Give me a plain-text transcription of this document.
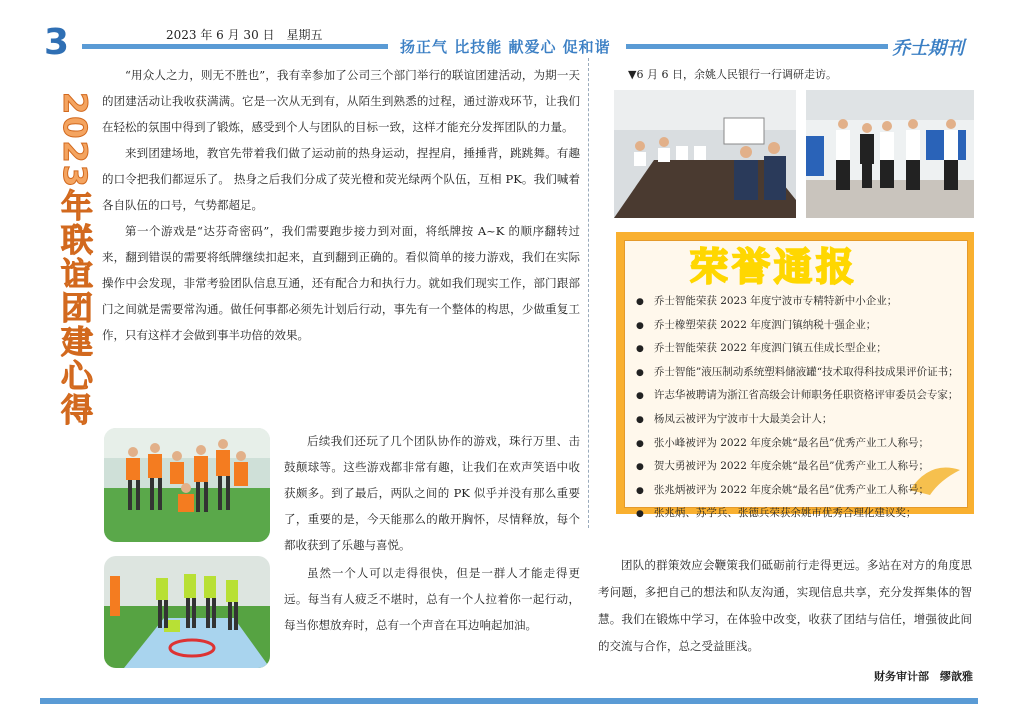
3	2023 年 6 月 30 日　星期五
扬正气 比技能 献爱心 促和谐	乔士期刊
2023年联谊团建心得

“用众人之力，则无不胜也”，我有幸参加了公司三个部门举行的联谊团建活动，为期一天的团建活动让我收获满满。它是一次从无到有，从陌生到熟悉的过程，通过游戏环节，让我们在轻松的氛围中得到了锻炼，感受到个人与团队的目标一致，这样才能充分发挥团队的力量。

来到团建场地，教官先带着我们做了运动前的热身运动，捏捏肩，捶捶背，跳跳舞。有趣的口令把我们都逗乐了。 热身之后我们分成了荧光橙和荧光绿两个队伍，互相 PK。我们喊着各自队伍的口号，气势都超足。

第一个游戏是“达芬奇密码”，我们需要跑步接力到对面，将纸牌按 A~K 的顺序翻转过来，翻到错误的需要将纸牌继续扣起来，直到翻到正确的。看似简单的接力游戏，我们在实际操作中会发现，非常考验团队信息互通，还有配合力和执行力。就如我们现实工作，部门跟部门之间就是需要常沟通。做任何事都必须先计划后行动，事先有一个整体的构思，少做重复工作，只有这样才会做到事半功倍的效果。

后续我们还玩了几个团队协作的游戏，珠行万里、击鼓颠球等。这些游戏都非常有趣，让我们在欢声笑语中收获颇多。到了最后，两队之间的 PK 似乎并没有那么重要了，重要的是，今天能那么的敞开胸怀，尽情释放，每个都收获到了乐趣与喜悦。

虽然一个人可以走得很快，但是一群人才能走得更远。每当有人疲乏不堪时，总有一个人拉着你一起行动，每当你想放弃时，总有一个声音在耳边响起加油。

▼6 月 6 日，余姚人民银行一行调研走访。
荣誉通报
● 乔士智能荣获 2023 年度宁波市专精特新中小企业；
● 乔士橡塑荣获 2022 年度泗门镇纳税十强企业；
● 乔士智能荣获 2022 年度泗门镇五佳成长型企业；
● 乔士智能”液压制动系统塑料储液罐“技术取得科技成果评价证书；
● 许志华被聘请为浙江省高级会计师职务任职资格评审委员会专家；
● 杨凤云被评为宁波市十大最美会计人；
● 张小峰被评为 2022 年度余姚“最名邑”优秀产业工人称号；
● 贺大勇被评为 2022 年度余姚“最名邑”优秀产业工人称号；
● 张兆炳被评为 2022 年度余姚“最名邑”优秀产业工人称号；
● 张兆炳、苏学兵、张德兵荣获余姚市优秀合理化建议奖；

团队的群策效应会鞭策我们砥砺前行走得更远。多站在对方的角度思考问题，多把自己的想法和队友沟通，实现信息共享，充分发挥集体的智慧。我们在锻炼中学习，在体验中改变，收获了团结与信任，增强彼此间的交流与合作，总之受益匪浅。

财务审计部　缪歆雅
